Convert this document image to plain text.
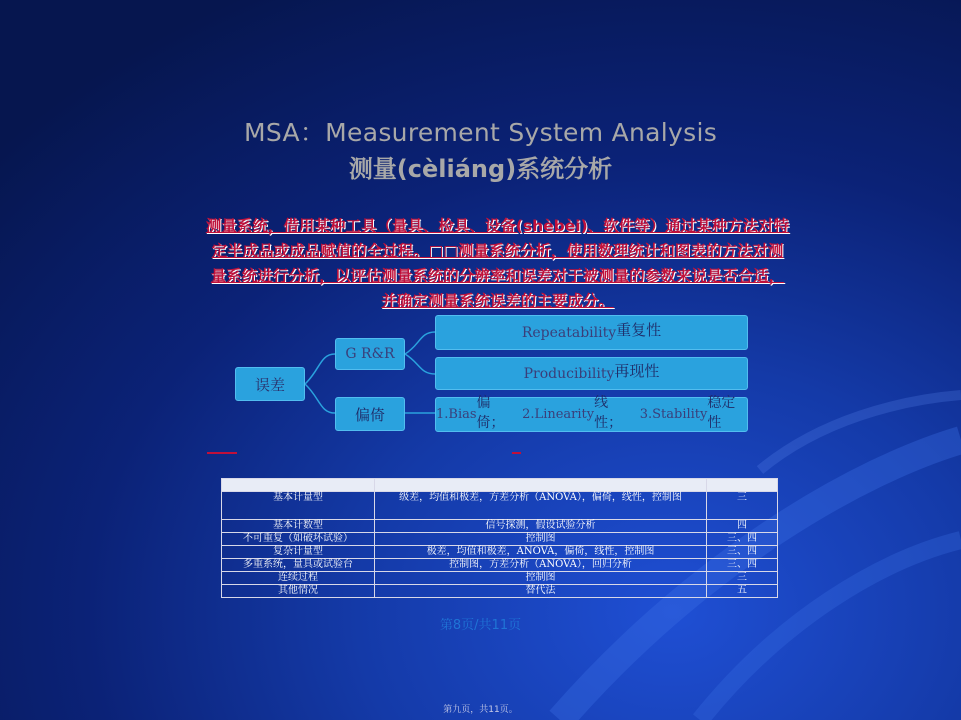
MSA：Measurement System Analysis
测量(cèliáng)系统分析
测量系统，借用某种工具（量具、检具、设备(shèbèi)、软件等）通过某种方法对特定半成品或成品赋值的全过程。□□测量系统分析，使用数理统计和图表的方法对测量系统进行分析，以评估测量系统的分辨率和误差对于被测量的参数来说是否合适，并确定测量系统误差的主要成分。
误差
G R&R
偏倚
Repeatability 重复性
Producibility 再现性
1.Bias
偏倚；	2.Linearity
线性；	3.Stability
稳定性
测量系统类型	MSA方法	MSA章节
基本计量型	级差，均值和极差，方差分析（ANOVA），偏倚，线性，控制图	三
基本计数型	信号探测，假设试验分析	四
不可重复（如破坏试验）	控制图	三、四
复杂计量型	极差，均值和极差，ANOVA，偏倚，线性，控制图	三、四
多重系统，量具或试验台	控制图，方差分析（ANOVA），回归分析	三、四
连续过程	控制图	三
其他情况	替代法	五
第8页/共11页
第九页，共11页。
